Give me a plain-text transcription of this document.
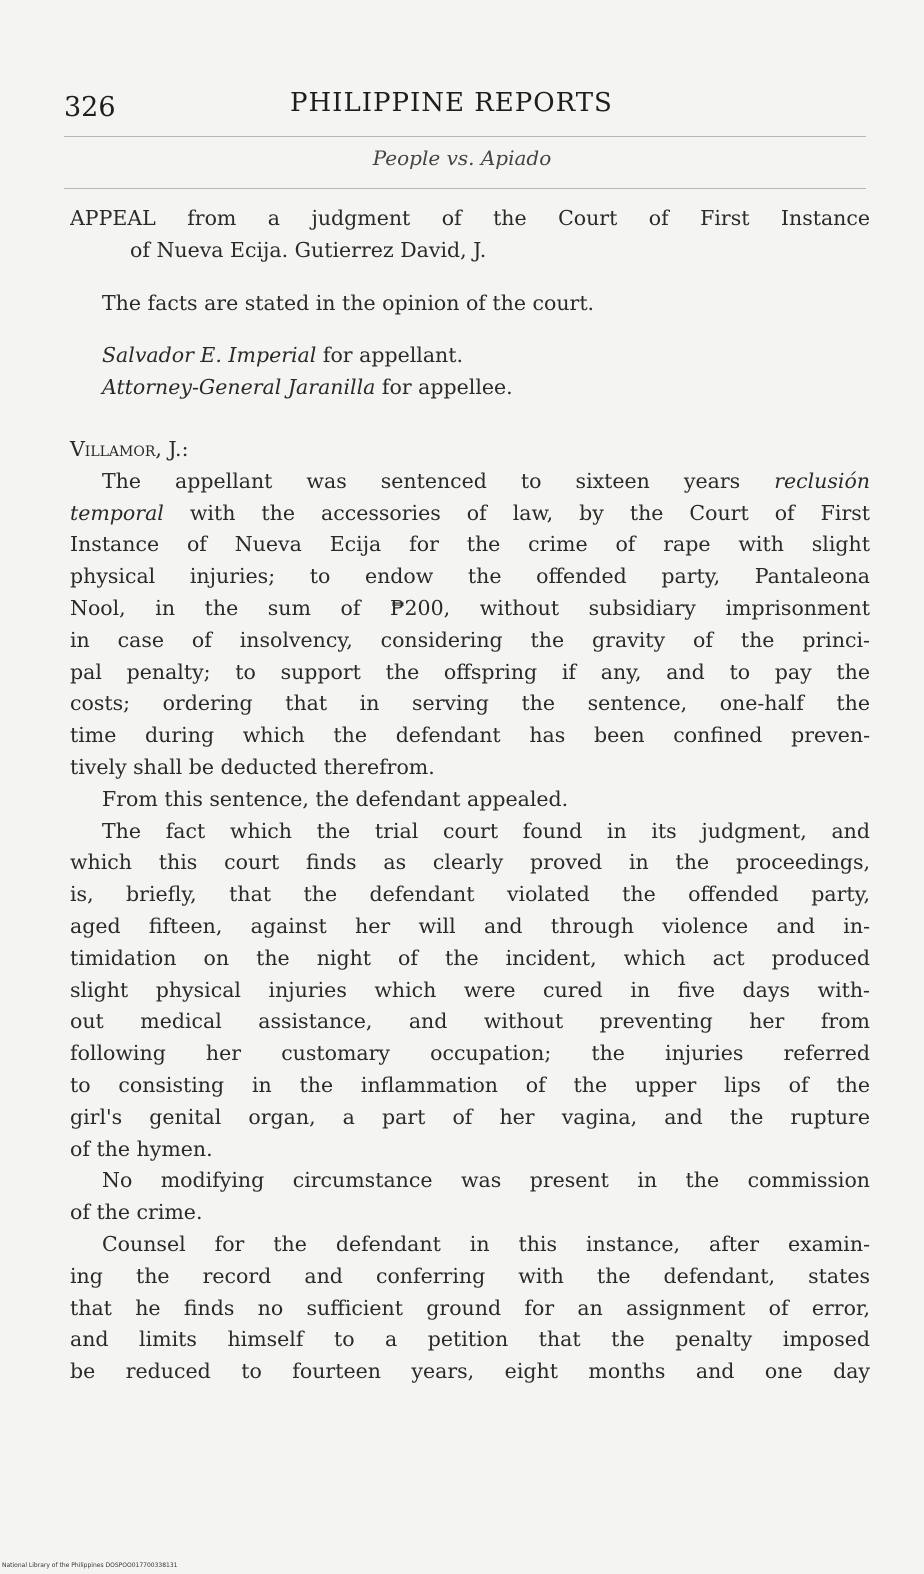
326	PHILIPPINE REPORTS
People vs. Apiado
APPEAL from a judgment of the Court of First Instance
of Nueva Ecija. Gutierrez David, J.
The facts are stated in the opinion of the court.
Salvador E. Imperial for appellant.
Attorney-General Jaranilla for appellee.
Villamor, J.:
The appellant was sentenced to sixteen years reclusión
temporal with the accessories of law, by the Court of First
Instance of Nueva Ecija for the crime of rape with slight
physical injuries; to endow the offended party, Pantaleona
Nool, in the sum of ₱200, without subsidiary imprisonment
in case of insolvency, considering the gravity of the princi-
pal penalty; to support the offspring if any, and to pay the
costs; ordering that in serving the sentence, one-half the
time during which the defendant has been confined preven-
tively shall be deducted therefrom.
From this sentence, the defendant appealed.
The fact which the trial court found in its judgment, and
which this court finds as clearly proved in the proceedings,
is, briefly, that the defendant violated the offended party,
aged fifteen, against her will and through violence and in-
timidation on the night of the incident, which act produced
slight physical injuries which were cured in five days with-
out medical assistance, and without preventing her from
following her customary occupation; the injuries referred
to consisting in the inflammation of the upper lips of the
girl's genital organ, a part of her vagina, and the rupture
of the hymen.
No modifying circumstance was present in the commission
of the crime.
Counsel for the defendant in this instance, after examin-
ing the record and conferring with the defendant, states
that he finds no sufficient ground for an assignment of error,
and limits himself to a petition that the penalty imposed
be reduced to fourteen years, eight months and one day
National Library of the Philippines DOSPOO017700338131
